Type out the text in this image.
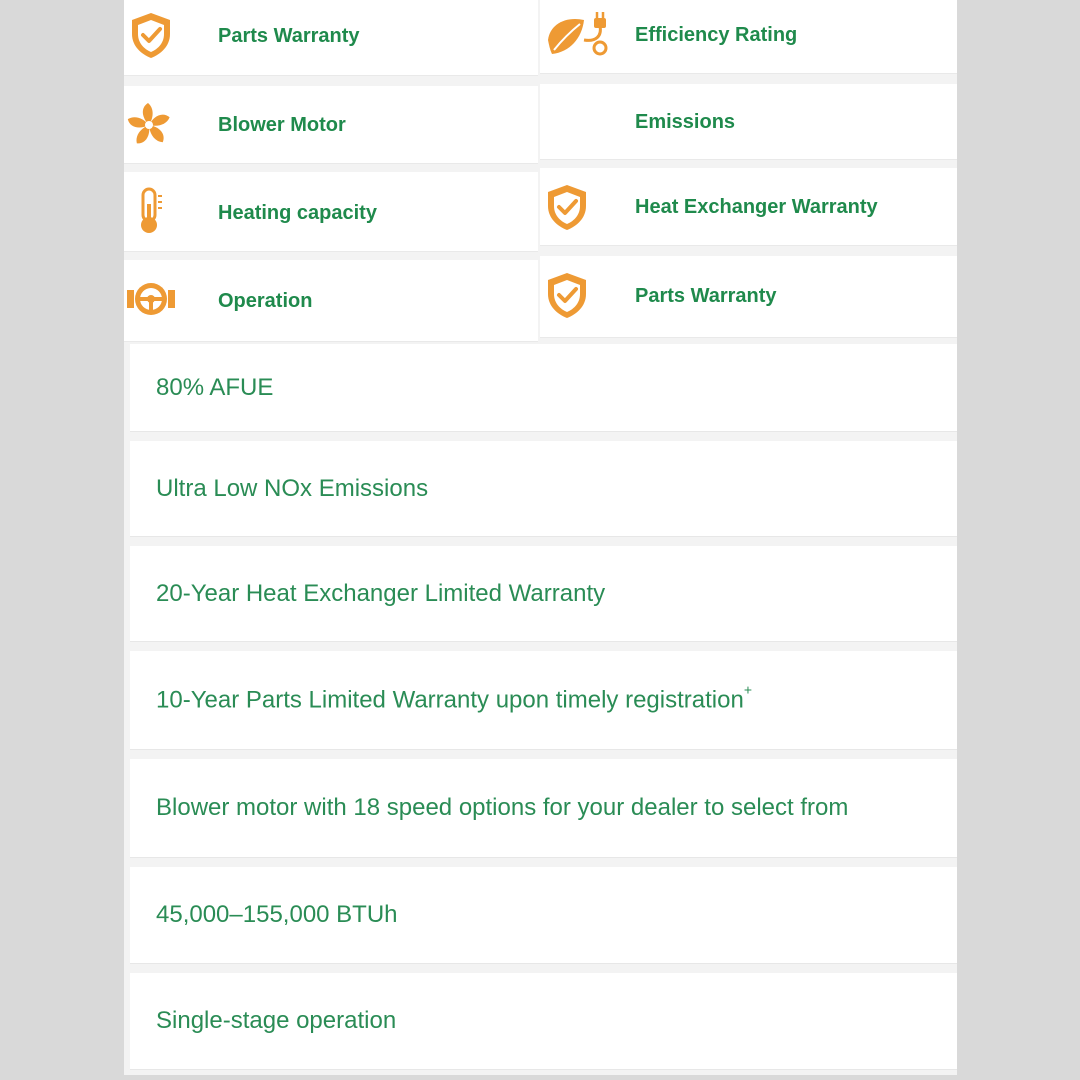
Parts Warranty
Blower Motor
Heating capacity
Operation
Efficiency Rating
Emissions
Heat Exchanger Warranty
Parts Warranty
80% AFUE
Ultra Low NOx Emissions
20-Year Heat Exchanger Limited Warranty
10-Year Parts Limited Warranty upon timely registration+
Blower motor with 18 speed options for your dealer to select from
45,000–155,000 BTUh
Single-stage operation
